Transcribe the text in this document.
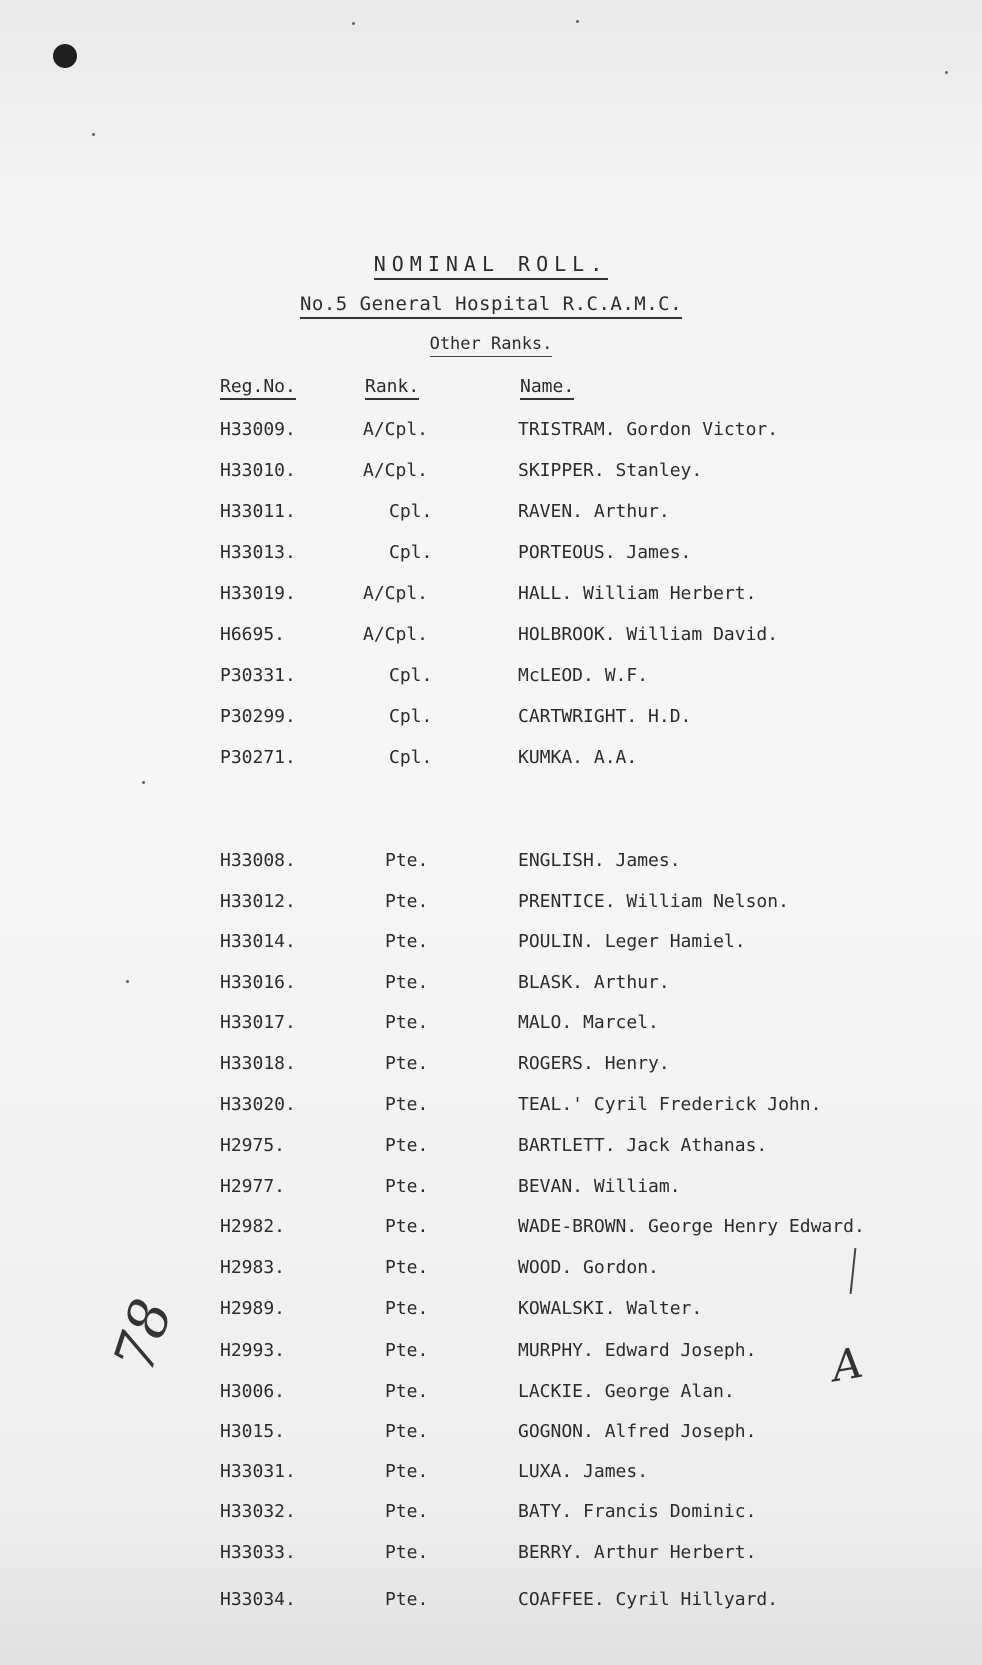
NOMINAL ROLL.
No.5 General Hospital R.C.A.M.C.
Other Ranks.
Reg.No.	Rank.	Name.
H33009.	A/Cpl.	TRISTRAM. Gordon Victor.
H33010.	A/Cpl.	SKIPPER. Stanley.
H33011.	Cpl.	RAVEN. Arthur.
H33013.	Cpl.	PORTEOUS. James.
H33019.	A/Cpl.	HALL. William Herbert.
H6695.	A/Cpl.	HOLBROOK. William David.
P30331.	Cpl.	McLEOD. W.F.
P30299.	Cpl.	CARTWRIGHT. H.D.
P30271.	Cpl.	KUMKA. A.A.
H33008.	Pte.	ENGLISH. James.
H33012.	Pte.	PRENTICE. William Nelson.
H33014.	Pte.	POULIN. Leger Hamiel.
H33016.	Pte.	BLASK. Arthur.
H33017.	Pte.	MALO. Marcel.
H33018.	Pte.	ROGERS. Henry.
H33020.	Pte.	TEAL.' Cyril Frederick John.
H2975.	Pte.	BARTLETT. Jack Athanas.
H2977.	Pte.	BEVAN. William.
H2982.	Pte.	WADE-BROWN. George Henry Edward.
H2983.	Pte.	WOOD. Gordon.
H2989.	Pte.	KOWALSKI. Walter.
H2993.	Pte.	MURPHY. Edward Joseph.
H3006.	Pte.	LACKIE. George Alan.
H3015.	Pte.	GOGNON. Alfred Joseph.
H33031.	Pte.	LUXA. James.
H33032.	Pte.	BATY. Francis Dominic.
H33033.	Pte.	BERRY. Arthur Herbert.
H33034.	Pte.	COAFFEE. Cyril Hillyard.
78	A
